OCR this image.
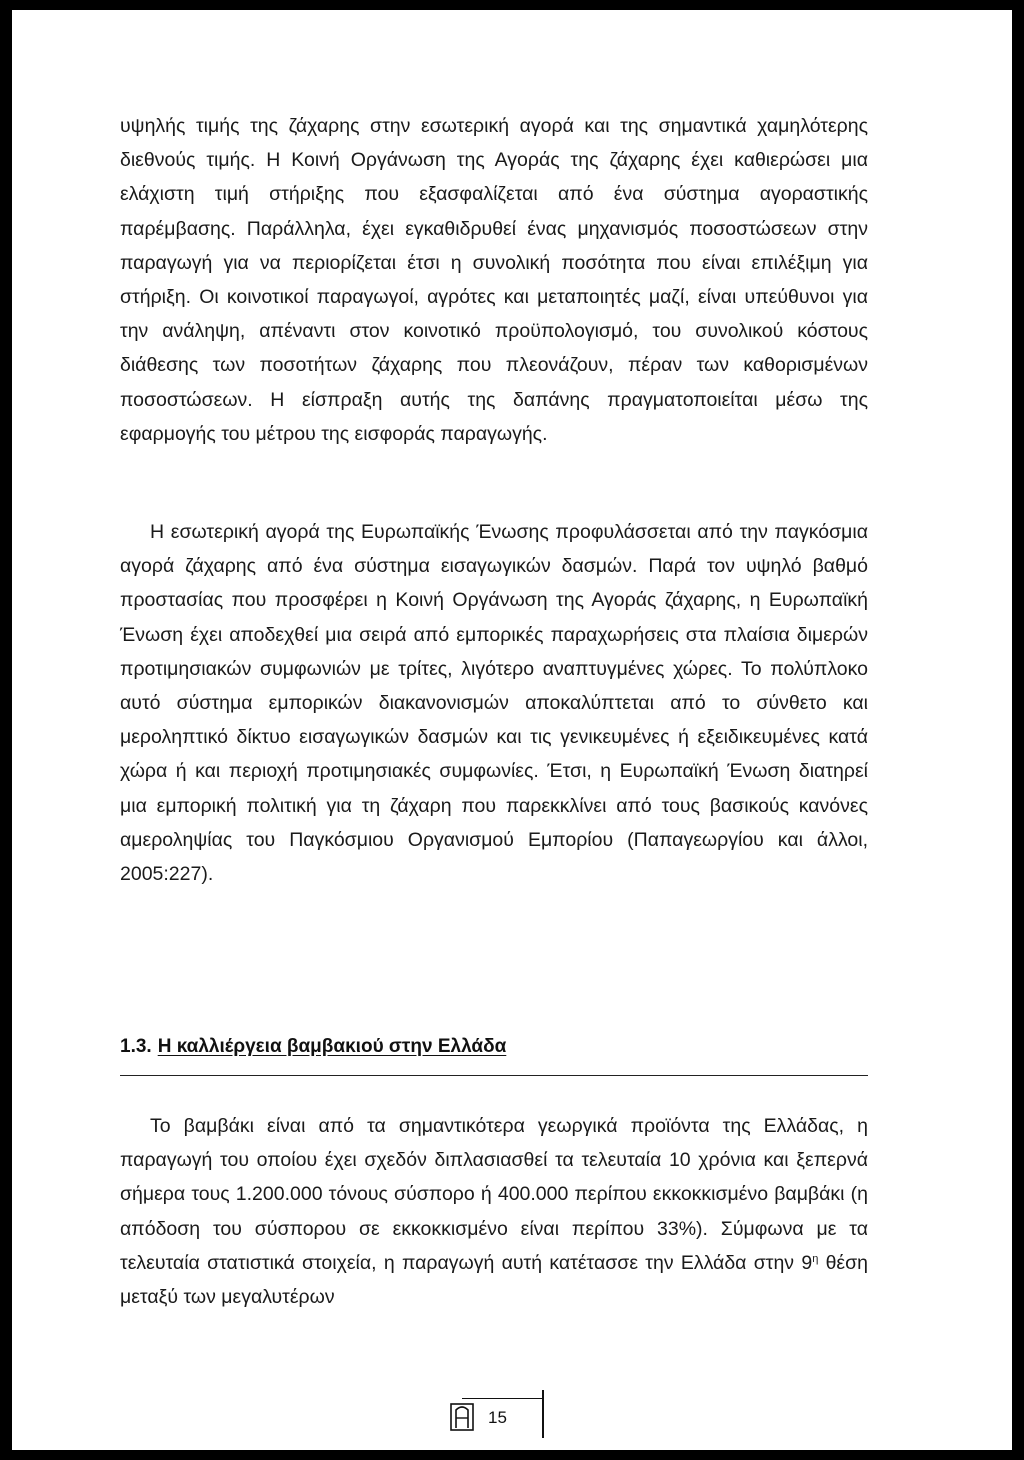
υψηλής τιμής της ζάχαρης στην εσωτερική αγορά και της σημαντικά χαμηλότερης διεθνούς τιμής. Η Κοινή Οργάνωση της Αγοράς της ζάχαρης έχει καθιερώσει μια ελάχιστη τιμή στήριξης που εξασφαλίζεται από ένα σύστημα αγοραστικής παρέμβασης. Παράλληλα, έχει εγκαθιδρυθεί ένας μηχανισμός ποσοστώσεων στην παραγωγή για να περιορίζεται έτσι η συνολική ποσότητα που είναι επιλέξιμη για στήριξη. Οι κοινοτικοί παραγωγοί, αγρότες και μεταποιητές μαζί, είναι υπεύθυνοι για την ανάληψη, απέναντι στον κοινοτικό προϋπολογισμό, του συνολικού κόστους διάθεσης των ποσοτήτων ζάχαρης που πλεονάζουν, πέραν των καθορισμένων ποσοστώσεων. Η είσπραξη αυτής της δαπάνης πραγματοποιείται μέσω της εφαρμογής του μέτρου της εισφοράς παραγωγής.

Η εσωτερική αγορά της Ευρωπαϊκής Ένωσης προφυλάσσεται από την παγκόσμια αγορά ζάχαρης από ένα σύστημα εισαγωγικών δασμών. Παρά τον υψηλό βαθμό προστασίας που προσφέρει η Κοινή Οργάνωση της Αγοράς ζάχαρης, η Ευρωπαϊκή Ένωση έχει αποδεχθεί μια σειρά από εμπορικές παραχωρήσεις στα πλαίσια διμερών προτιμησιακών συμφωνιών με τρίτες, λιγότερο αναπτυγμένες χώρες. Το πολύπλοκο αυτό σύστημα εμπορικών διακανονισμών αποκαλύπτεται από το σύνθετο και μεροληπτικό δίκτυο εισαγωγικών δασμών και τις γενικευμένες ή εξειδικευμένες κατά χώρα ή και περιοχή προτιμησιακές συμφωνίες. Έτσι, η Ευρωπαϊκή Ένωση διατηρεί μια εμπορική πολιτική για τη ζάχαρη που παρεκκλίνει από τους βασικούς κανόνες αμεροληψίας του Παγκόσμιου Οργανισμού Εμπορίου (Παπαγεωργίου και άλλοι, 2005:227).

1.3. Η καλλιέργεια βαμβακιού στην Ελλάδα

Το βαμβάκι είναι από τα σημαντικότερα γεωργικά προϊόντα της Ελλάδας, η παραγωγή του οποίου έχει σχεδόν διπλασιασθεί τα τελευταία 10 χρόνια και ξεπερνά σήμερα τους 1.200.000 τόνους σύσπορο ή 400.000 περίπου εκκοκκισμένο βαμβάκι (η απόδοση του σύσπορου σε εκκοκκισμένο είναι περίπου 33%). Σύμφωνα με τα τελευταία στατιστικά στοιχεία, η παραγωγή αυτή κατέτασσε την Ελλάδα στην $9^\eta$ θέση μεταξύ των μεγαλυτέρων

15
